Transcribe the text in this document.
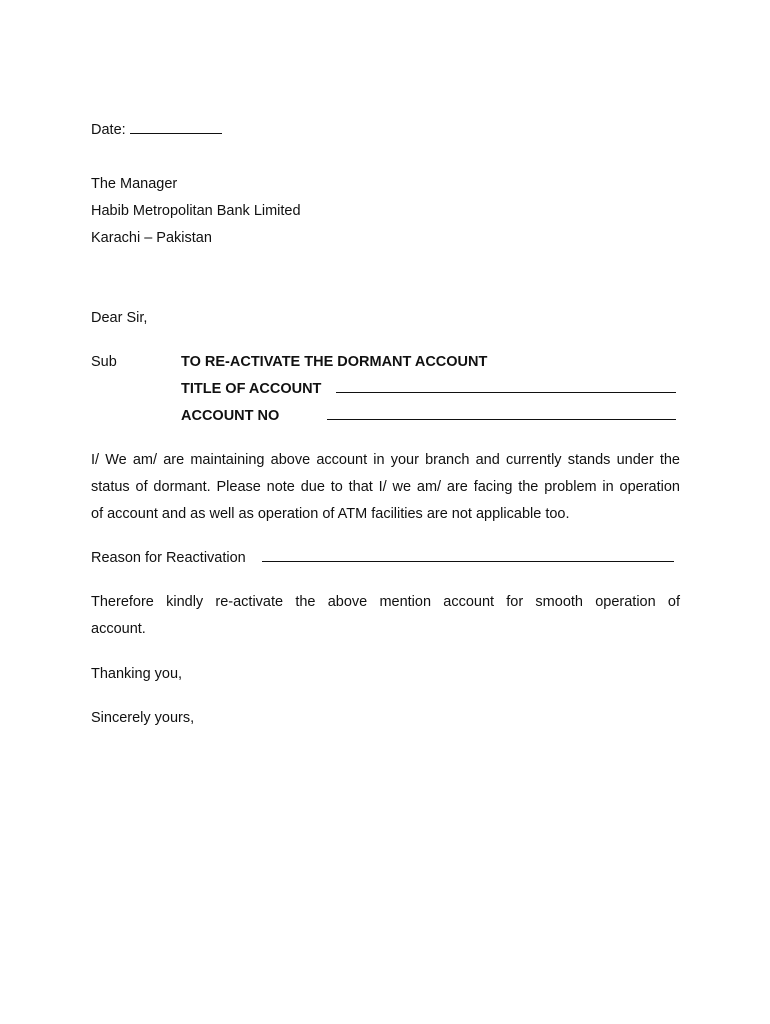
Date:
The Manager
Habib Metropolitan Bank Limited
Karachi – Pakistan
Dear Sir,
Sub	TO RE-ACTIVATE THE DORMANT ACCOUNT
TITLE OF ACCOUNT
ACCOUNT NO
I/ We am/ are maintaining above account in your branch and currently stands under the
status of dormant. Please note due to that I/ we am/ are facing the problem in operation
of account and as well as operation of ATM facilities are not applicable too.
Reason for Reactivation
Therefore kindly re-activate the above mention account for smooth operation of
account.
Thanking you,
Sincerely yours,
